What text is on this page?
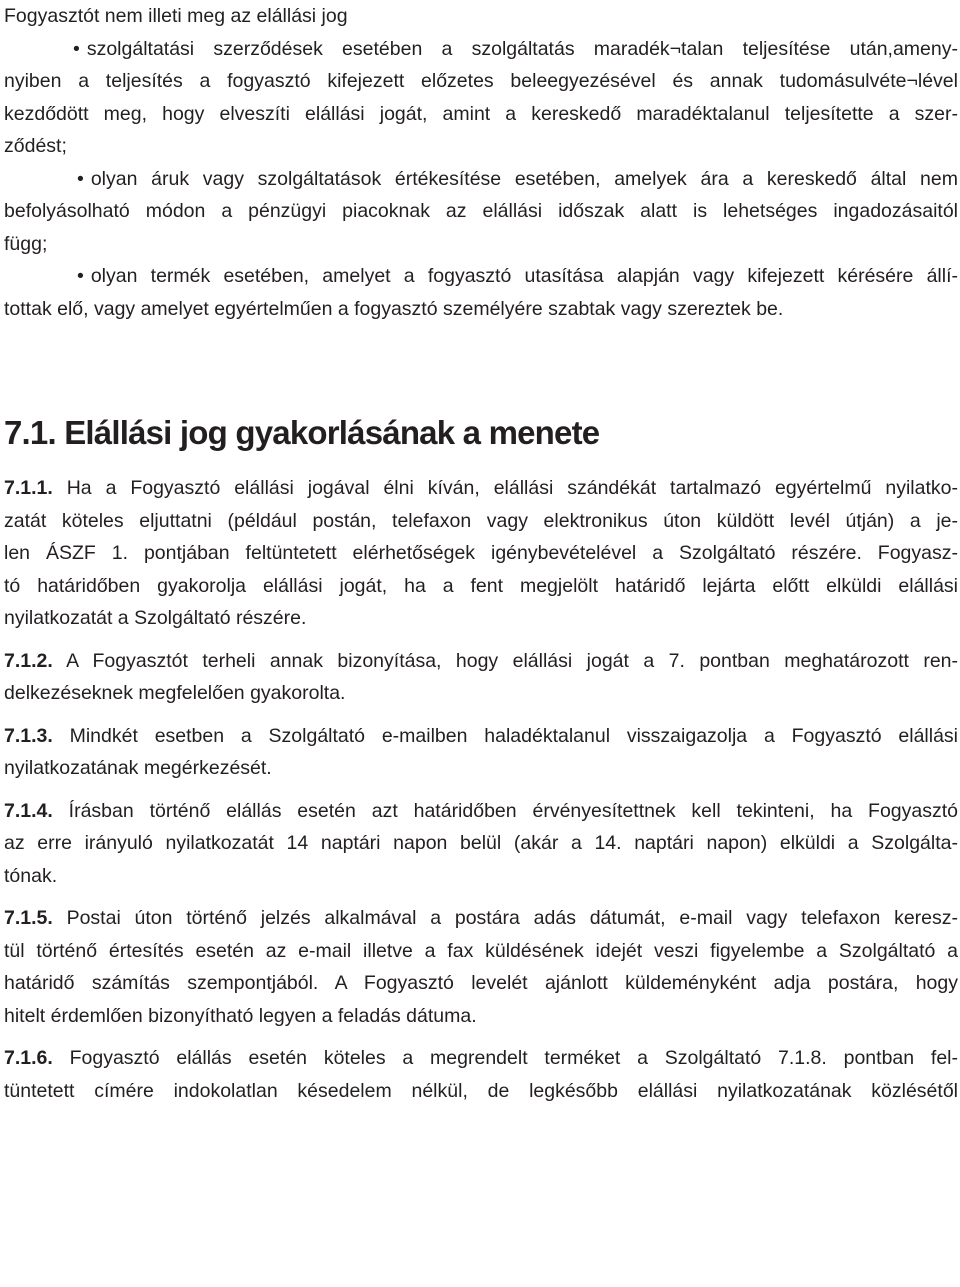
Fogyasztót nem illeti meg az elállási jog
• szolgáltatási szerződések esetében a szolgáltatás maradék¬talan teljesítése után,ameny-
nyiben a teljesítés a fogyasztó kifejezett előzetes beleegyezésével és annak tudomásulvéte¬lével
kezdődött meg, hogy elveszíti elállási jogát, amint a kereskedő maradéktalanul teljesítette a szer-
ződést;
• olyan áruk vagy szolgáltatások értékesítése esetében, amelyek ára a kereskedő által nem
befolyásolható módon a pénzügyi piacoknak az elállási időszak alatt is lehetséges ingadozásaitól
függ;
• olyan termék esetében, amelyet a fogyasztó utasítása alapján vagy kifejezett kérésére állí-
tottak elő, vagy amelyet egyértelműen a fogyasztó személyére szabtak vagy szereztek be.
7.1. Elállási jog gyakorlásának a menete
7.1.1. Ha a Fogyasztó elállási jogával élni kíván, elállási szándékát tartalmazó egyértelmű nyilatko-
zatát köteles eljuttatni (például postán, telefaxon vagy elektronikus úton küldött levél útján) a je-
len ÁSZF 1. pontjában feltüntetett elérhetőségek igénybevételével a Szolgáltató részére. Fogyasz-
tó határidőben gyakorolja elállási jogát, ha a fent megjelölt határidő lejárta előtt elküldi elállási
nyilatkozatát a Szolgáltató részére.
7.1.2. A Fogyasztót terheli annak bizonyítása, hogy elállási jogát a 7. pontban meghatározott ren-
delkezéseknek megfelelően gyakorolta.
7.1.3. Mindkét esetben a Szolgáltató e-mailben haladéktalanul visszaigazolja a Fogyasztó elállási
nyilatkozatának megérkezését.
7.1.4. Írásban történő elállás esetén azt határidőben érvényesítettnek kell tekinteni, ha Fogyasztó
az erre irányuló nyilatkozatát 14 naptári napon belül (akár a 14. naptári napon) elküldi a Szolgálta-
tónak.
7.1.5. Postai úton történő jelzés alkalmával a postára adás dátumát, e-mail vagy telefaxon keresz-
tül történő értesítés esetén az e-mail illetve a fax küldésének idejét veszi figyelembe a Szolgáltató a
határidő számítás szempontjából. A Fogyasztó levelét ajánlott küldeményként adja postára, hogy
hitelt érdemlően bizonyítható legyen a feladás dátuma.
7.1.6. Fogyasztó elállás esetén köteles a megrendelt terméket a Szolgáltató 7.1.8. pontban fel-
tüntetett címére indokolatlan késedelem nélkül, de legkésőbb elállási nyilatkozatának közlésétől
